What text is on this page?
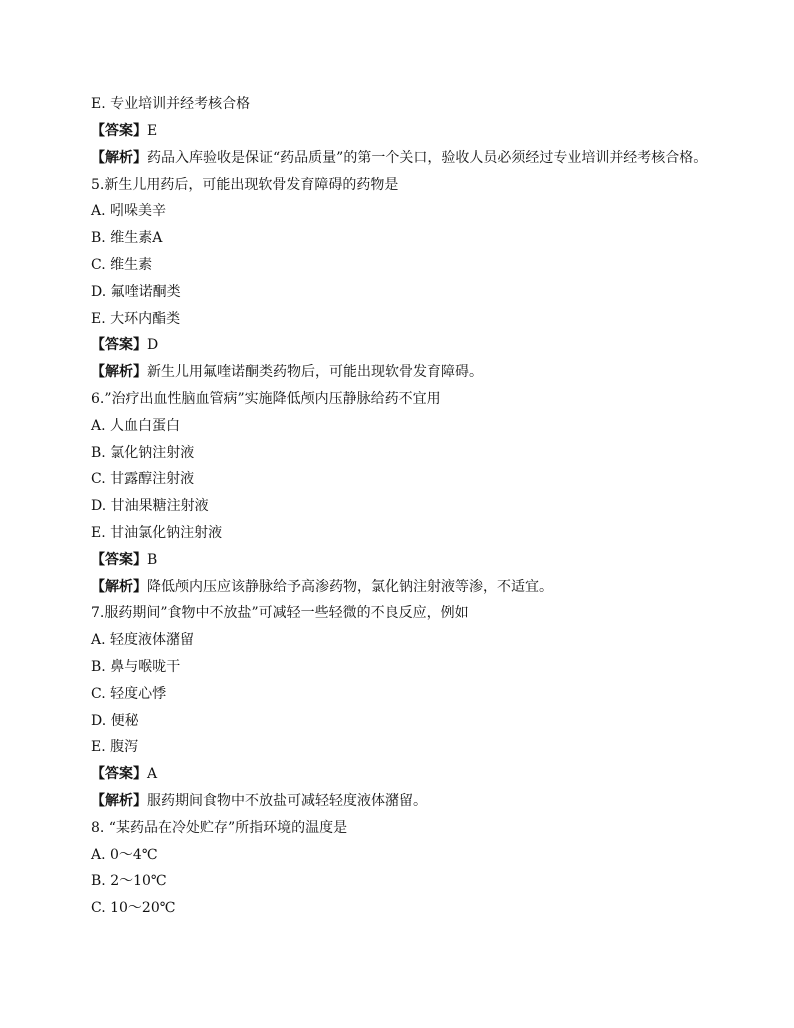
E. 专业培训并经考核合格
【答案】E
【解析】药品入库验收是保证“药品质量”的第一个关口，验收人员必须经过专业培训并经考核合格。
5.新生儿用药后，可能出现软骨发育障碍的药物是
A. 吲哚美辛
B. 维生素A
C. 维生素
D. 氟喹诺酮类
E. 大环内酯类
【答案】D
【解析】新生儿用氟喹诺酮类药物后，可能出现软骨发育障碍。
6.”治疗出血性脑血管病”实施降低颅内压静脉给药不宜用
A. 人血白蛋白
B. 氯化钠注射液
C. 甘露醇注射液
D. 甘油果糖注射液
E. 甘油氯化钠注射液
【答案】B
【解析】降低颅内压应该静脉给予高渗药物，氯化钠注射液等渗，不适宜。
7.服药期间”食物中不放盐”可减轻一些轻微的不良反应，例如
A. 轻度液体潴留
B. 鼻与喉咙干
C. 轻度心悸
D. 便秘
E. 腹泻
【答案】A
【解析】服药期间食物中不放盐可减轻轻度液体潴留。
8. “某药品在冷处贮存”所指环境的温度是
A. 0～4℃
B. 2～10℃
C. 10～20℃
